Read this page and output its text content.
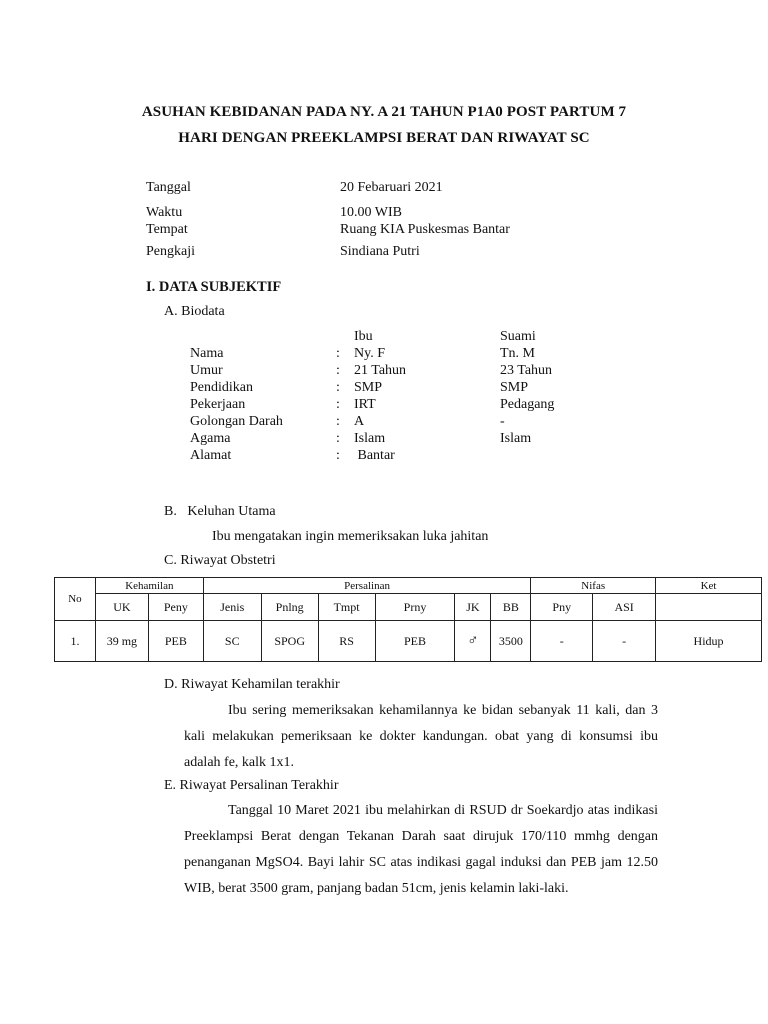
ASUHAN KEBIDANAN PADA NY. A 21 TAHUN P1A0 POST PARTUM 7
HARI DENGAN PREEKLAMPSI BERAT DAN RIWAYAT SC
Tanggal	20 Febaruari 2021
Waktu	10.00 WIB
Tempat	Ruang KIA Puskesmas Bantar
Pengkaji	Sindiana Putri
I. DATA SUBJEKTIF
A. Biodata
Ibu	Suami
Nama	: Ny. F	Tn. M
Umur	: 21 Tahun	23 Tahun
Pendidikan	: SMP	SMP
Pekerjaan	: IRT	Pedagang
Golongan Darah	: A	-
Agama	: Islam	Islam
Alamat	: Bantar
B.   Keluhan Utama
Ibu mengatakan ingin memeriksakan luka jahitan
C. Riwayat Obstetri
No	Kehamilan		Persalinan						Nifas		Ket
	UK	Peny	Jenis	Pnlng	Tmpt	Prny	JK	BB	Pny	ASI	
1.	39 mg	PEB	SC	SPOG	RS	PEB	♂	3500	-	-	Hidup
D. Riwayat Kehamilan terakhir

Ibu sering memeriksakan kehamilannya ke bidan sebanyak 11 kali, dan 3 kali melakukan pemeriksaan ke dokter kandungan. obat yang di konsumsi ibu adalah fe, kalk 1x1.

E. Riwayat Persalinan Terakhir

Tanggal 10 Maret 2021 ibu melahirkan di RSUD dr Soekardjo atas indikasi Preeklampsi Berat dengan Tekanan Darah saat dirujuk 170/110 mmhg dengan penanganan MgSO4. Bayi lahir SC atas indikasi gagal induksi dan PEB jam 12.50 WIB, berat 3500 gram, panjang badan 51cm, jenis kelamin laki-laki.
